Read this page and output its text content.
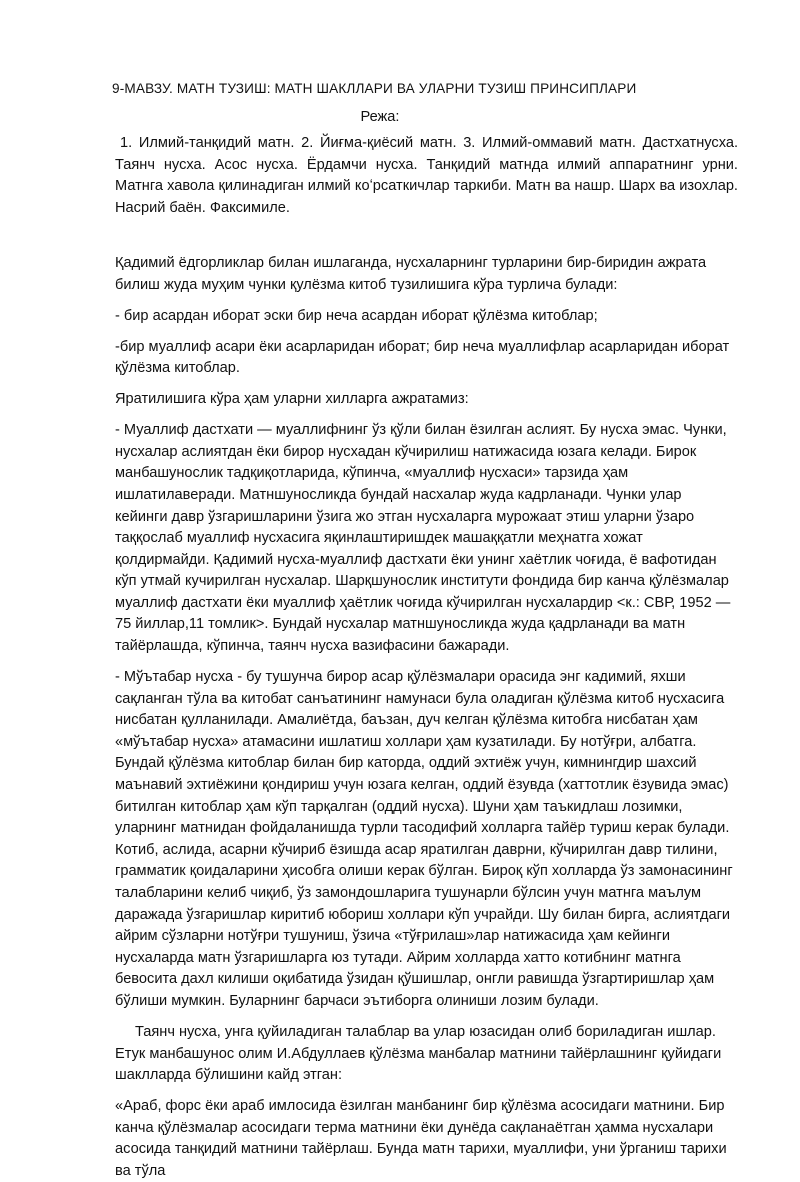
9-МАВЗУ. МАТН ТУЗИШ: МАТН ШАКЛЛАРИ ВА УЛАРНИ ТУЗИШ ПРИНСИПЛАРИ
Режа:
1. Илмий-танқидий матн. 2. Йиғма-қиёсий матн. 3. Илмий-оммавий матн. Дастхатнусха. Таянч нусха. Асос нусха. Ёрдамчи нусха. Танқидий матнда илмий аппаратнинг урни. Матнга хавола қилинадиган илмий коʻрсаткичлар таркиби. Матн ва нашр. Шарх ва изохлар. Насрий баён. Факсимиле.

Қадимий ёдгорликлар билан ишлаганда, нусхаларнинг турларини бир-биридин ажрата билиш жуда муҳим чунки қулёзма китоб тузилишига кўра турлича булади:

- бир асардан иборат эски бир неча асардан иборат қўлёзма китоблар;

-бир муаллиф асари ёки асарларидан иборат; бир неча муаллифлар асарларидан иборат қўлёзма китоблар.

Яратилишига кўра ҳам уларни хилларга ажратамиз:

- Муаллиф дастхати — муаллифнинг ўз қўли билан ёзилган аслият. Бу нусха эмас. Чунки, нусхалар аслиятдан ёки бирор нусхадан кўчирилиш натижасида юзага келади. Бирок манбашунослик тадқиқотларида, кўпинча, «муаллиф нусхаси» тарзида ҳам ишлатилаверади. Матншуносликда бундай насхалар жуда кадрланади. Чунки улар кейинги давр ўзгаришларини ўзига жо этган нусхаларга мурожаат этиш уларни ўзаро таққослаб муаллиф нусхасига яқинлаштиришдек машаққатли меҳнатга хожат қолдирмайди. Қадимий нусха-муаллиф дастхати ёки унинг хаётлик чоғида, ё вафотидан кўп утмай кучирилган нусхалар. Шарқшунослик институти фондида бир канча қўлёзмалар муаллиф дастхати ёки муаллиф ҳаётлик чоғида кўчирилган нусхалардир <к.: СВР, 1952 —75 йиллар,11 томлик>. Бундай нусхалар матншуносликда жуда қадрланади ва матн тайёрлашда, кўпинча, таянч нусха вазифасини бажаради.

- Мўътабар нусха - бу тушунча бирор асар қўлёзмалари орасида энг кадимий, яхши сақланган тўла ва китобат санъатининг намунаси була оладиган қўлёзма китоб нусхасига нисбатан қулланилади. Амалиётда, баъзан, дуч келган қўлёзма китобга нисбатан ҳам «мўътабар нусха» атамасини ишлатиш холлари ҳам кузатилади. Бу нотўғри, албатга. Бундай қўлёзма китоблар билан бир каторда, оддий эхтиёж учун, кимнингдир шахсий маънавий эхтиёжини қондириш учун юзага келган, оддий ёзувда (хаттотлик ёзувида эмас) битилган китоблар ҳам кўп тарқалган (оддий нусха). Шуни ҳам таъкидлаш лозимки, уларнинг матнидан фойдаланишда турли тасодифий холларга тайёр туриш керак булади. Котиб, аслида, асарни кўчириб ёзишда асар яратилган даврни, кўчирилган давр тилини, грамматик қоидаларини ҳисобга олиши керак бўлган. Бироқ кўп холларда ўз замонасининг талабларини келиб чиқиб, ўз замондошларига тушунарли бўлсин учун матнга маълум даражада ўзгаришлар киритиб юбориш холлари кўп учрайди. Шу билан бирга, аслиятдаги айрим сўзларни нотўғри тушуниш, ўзича «тўғрилаш»лар натижасида ҳам кейинги нусхаларда матн ўзгаришларга юз тутади. Айрим холларда хатто котибнинг матнга бевосита дахл килиши оқибатида ўзидан қўшишлар, онгли равишда ўзгартиришлар ҳам бўлиши мумкин. Буларнинг барчаси эътиборга олиниши лозим булади.

Таянч нусха, унга қуйиладиган талаблар ва улар юзасидан олиб бориладиган ишлар. Етук манбашунос олим И.Абдуллаев қўлёзма манбалар матнини тайёрлашнинг қуйидаги шаклларда бўлишини кайд этган:

«Араб, форс ёки араб имлосида ёзилган манбанинг бир қўлёзма асосидаги матнини. Бир канча қўлёзмалар асосидаги терма матнини ёки дунёда сақланаётган ҳамма нусхалари асосида танқидий матнини тайёрлаш. Бунда матн тарихи, муаллифи, уни ўрганиш тарихи ва тўла
